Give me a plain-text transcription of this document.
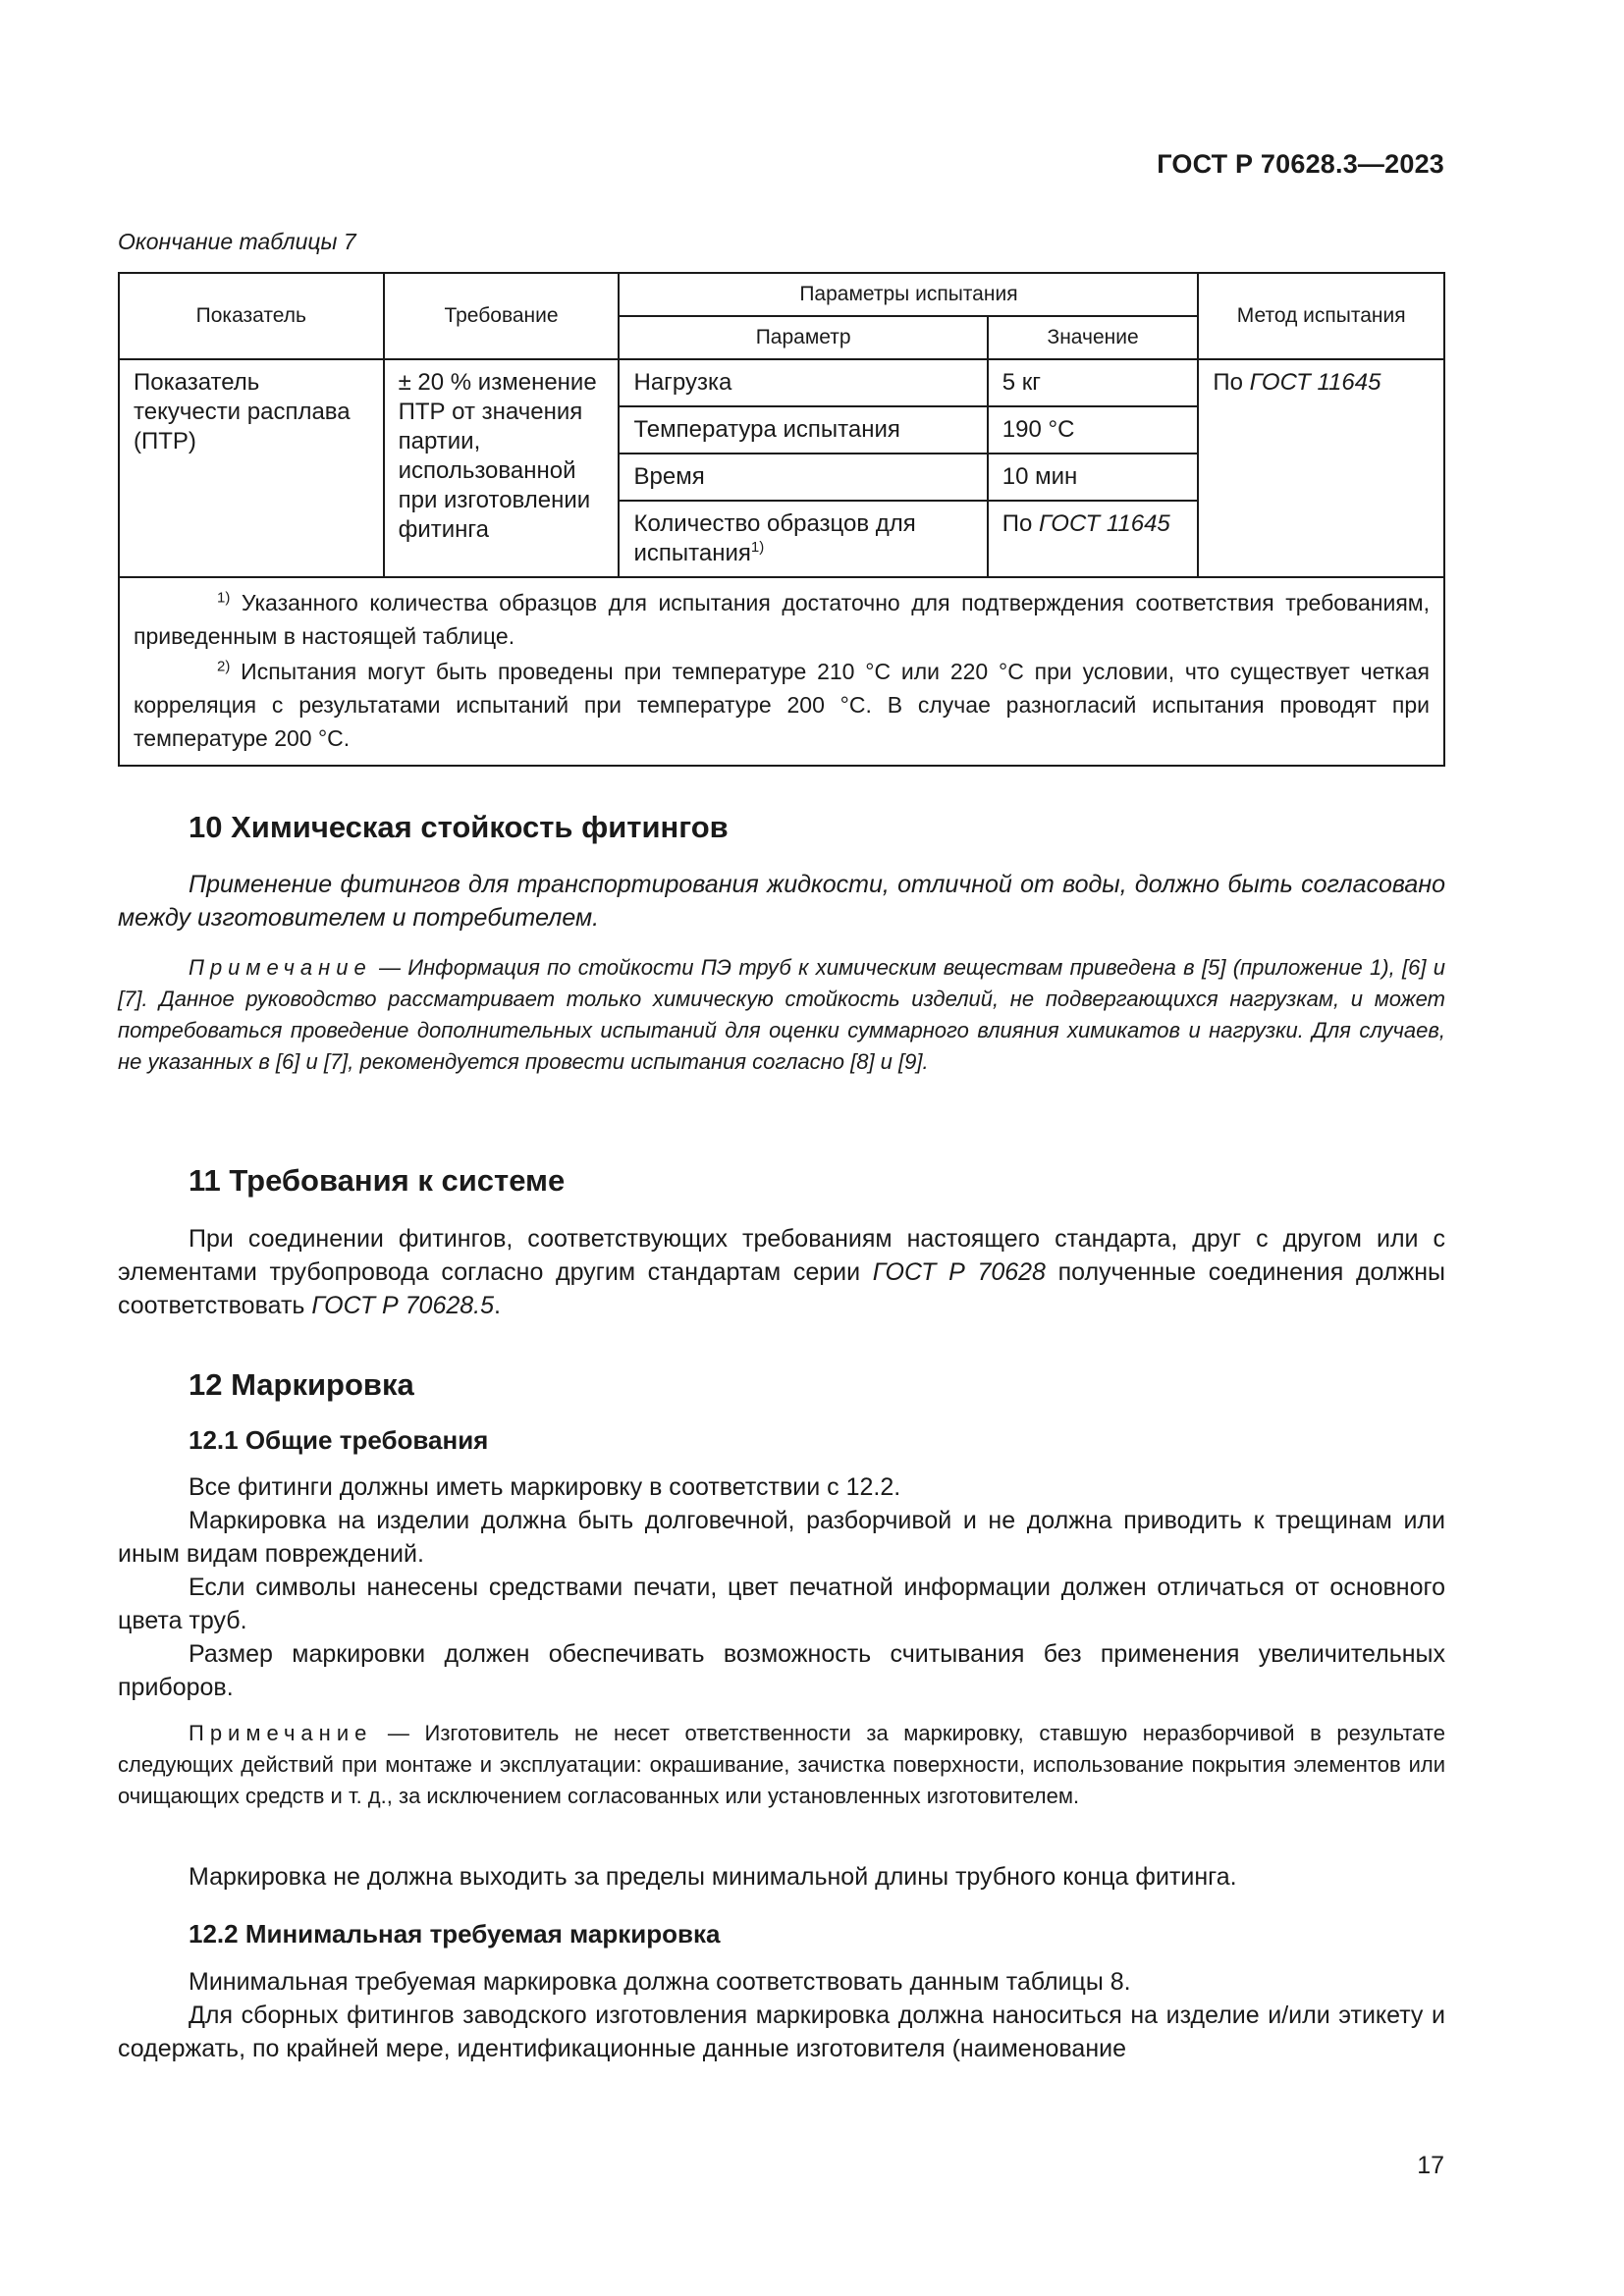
ГОСТ Р 70628.3—2023
Окончание таблицы 7
Показатель	Требование	Параметры испытания		Метод испытания
		Параметр	Значение	
Показатель текучести расплава (ПТР)	± 20 % изменение ПТР от значения партии, использованной при изготовлении фитинга	Нагрузка	5 кг	По ГОСТ 11645
		Температура испытания	190 °С	
		Время	10 мин	
		Количество образцов для испытания$^{1)}$	По ГОСТ 11645	

$^{1)}$ Указанного количества образцов для испытания достаточно для подтверждения соответствия требованиям, приведенным в настоящей таблице.
$^{2)}$ Испытания могут быть проведены при температуре 210 °С или 220 °С при условии, что существует четкая корреляция с результатами испытаний при температуре 200 °С. В случае разногласий испытания проводят при температуре 200 °С.				
10 Химическая стойкость фитингов
Применение фитингов для транспортирования жидкости, отличной от воды, должно быть согласовано между изготовителем и потребителем.
Примечание — Информация по стойкости ПЭ труб к химическим веществам приведена в [5] (приложение 1), [6] и [7]. Данное руководство рассматривает только химическую стойкость изделий, не подвергающихся нагрузкам, и может потребоваться проведение дополнительных испытаний для оценки суммарного влияния химикатов и нагрузки. Для случаев, не указанных в [6] и [7], рекомендуется провести испытания согласно [8] и [9].
11 Требования к системе
При соединении фитингов, соответствующих требованиям настоящего стандарта, друг с другом или с элементами трубопровода согласно другим стандартам серии ГОСТ Р 70628 полученные соединения должны соответствовать ГОСТ Р 70628.5.
12 Маркировка
12.1 Общие требования
Все фитинги должны иметь маркировку в соответствии с 12.2.
Маркировка на изделии должна быть долговечной, разборчивой и не должна приводить к трещинам или иным видам повреждений.
Если символы нанесены средствами печати, цвет печатной информации должен отличаться от основного цвета труб.
Размер маркировки должен обеспечивать возможность считывания без применения увеличительных приборов.
Примечание — Изготовитель не несет ответственности за маркировку, ставшую неразборчивой в результате следующих действий при монтаже и эксплуатации: окрашивание, зачистка поверхности, использование покрытия элементов или очищающих средств и т. д., за исключением согласованных или установленных изготовителем.
Маркировка не должна выходить за пределы минимальной длины трубного конца фитинга.
12.2 Минимальная требуемая маркировка
Минимальная требуемая маркировка должна соответствовать данным таблицы 8.
Для сборных фитингов заводского изготовления маркировка должна наноситься на изделие и/или этикету и содержать, по крайней мере, идентификационные данные изготовителя (наименование
17
